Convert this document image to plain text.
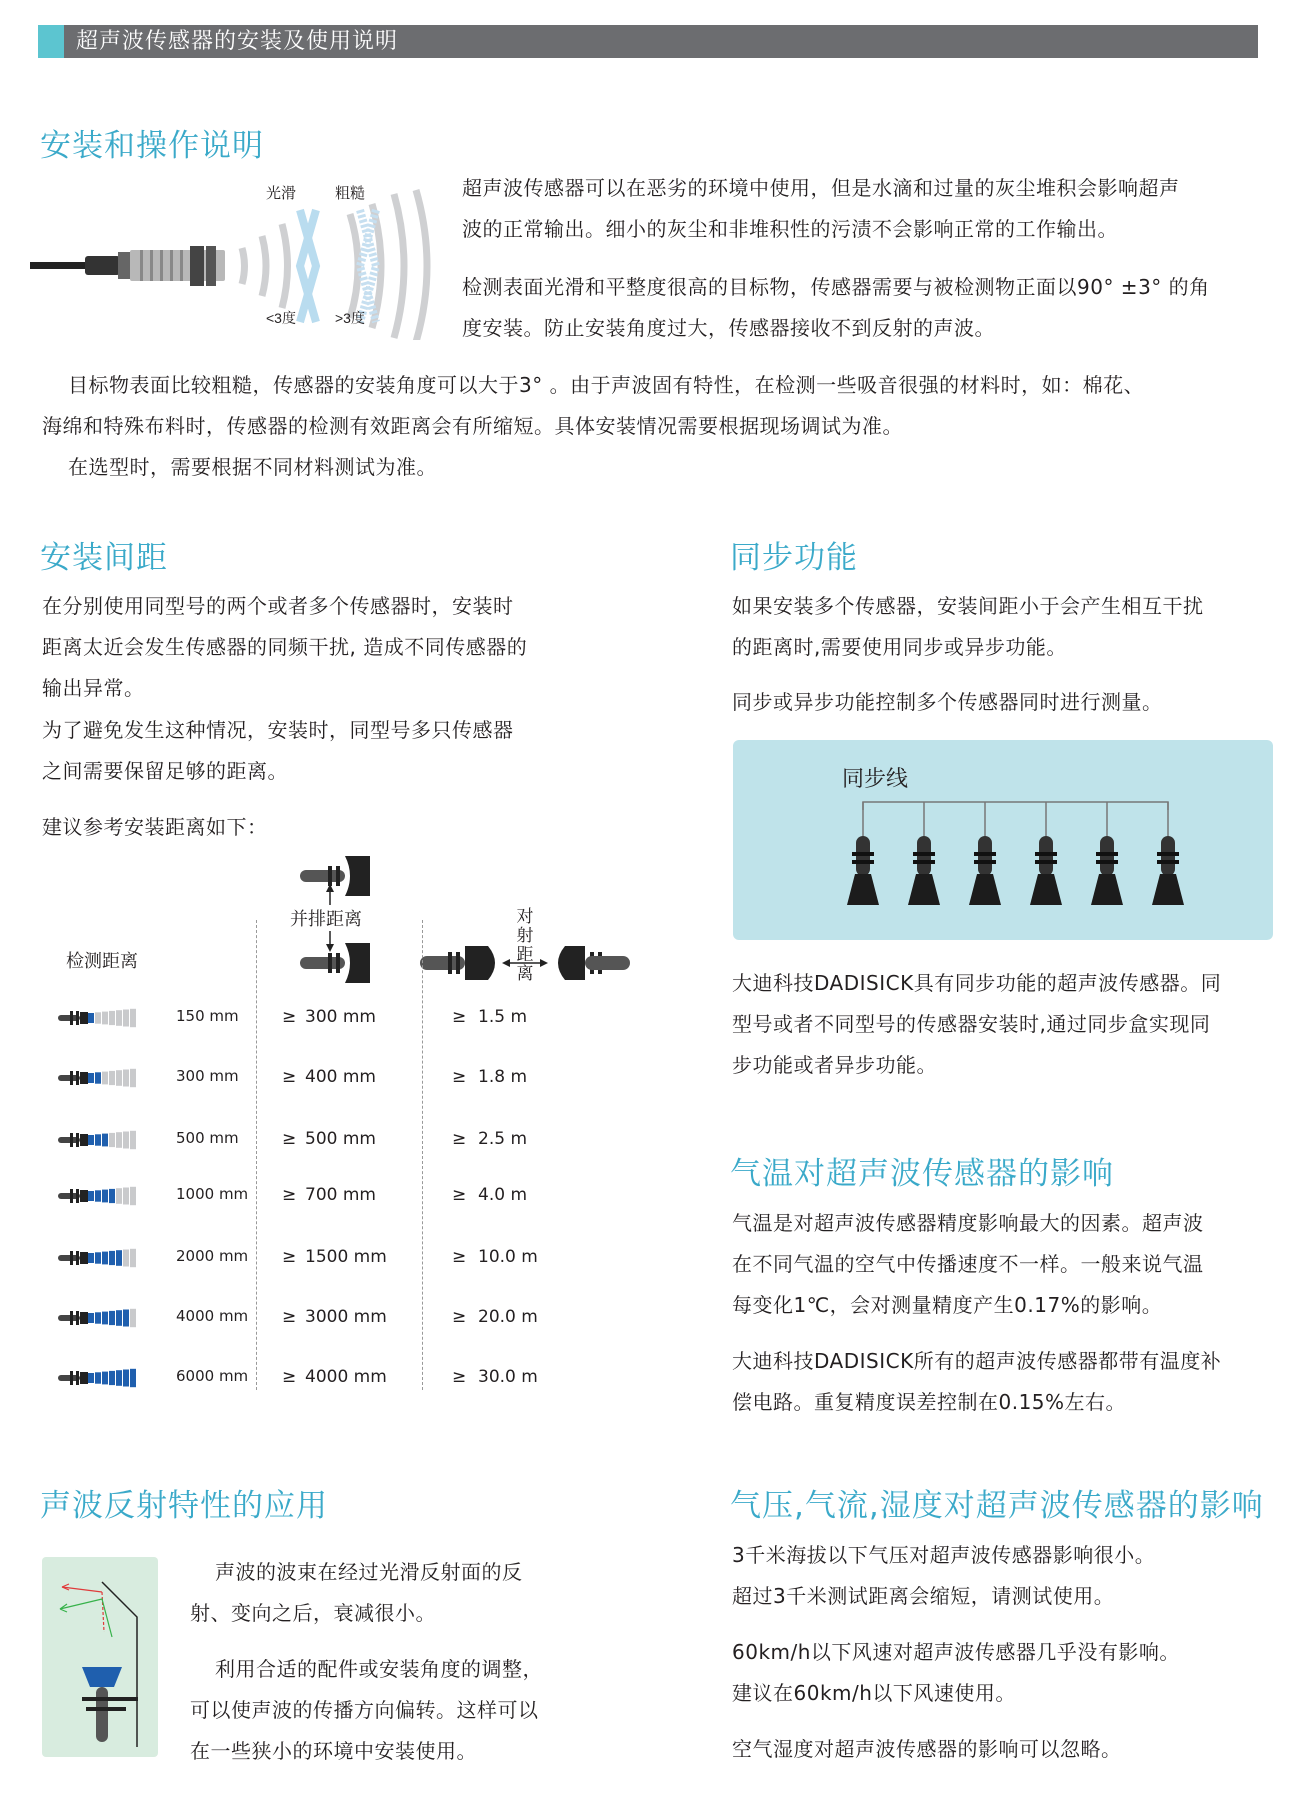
超声波传感器的安装及使用说明
安装和操作说明
光滑	粗糙
<3度	>3度
超声波传感器可以在恶劣的环境中使用，但是水滴和过量的灰尘堆积会影响超声
波的正常输出。细小的灰尘和非堆积性的污渍不会影响正常的工作输出。
检测表面光滑和平整度很高的目标物，传感器需要与被检测物正面以90° ±3° 的角
度安装。防止安装角度过大，传感器接收不到反射的声波。
目标物表面比较粗糙，传感器的安装角度可以大于3° 。由于声波固有特性，在检测一些吸音很强的材料时，如：棉花、
海绵和特殊布料时，传感器的检测有效距离会有所缩短。具体安装情况需要根据现场调试为准。
在选型时，需要根据不同材料测试为准。
安装间距
在分别使用同型号的两个或者多个传感器时，安装时
距离太近会发生传感器的同频干扰, 造成不同传感器的
输出异常。
为了避免发生这种情况，安装时，同型号多只传感器
之间需要保留足够的距离。
建议参考安装距离如下：
并排距离	对
射
距
离
检测距离
150 mm	≥ 300 mm	≥ 1.5 m
300 mm	≥ 400 mm	≥ 1.8 m
500 mm	≥ 500 mm	≥ 2.5 m
1000 mm ≥ 700 mm	≥ 4.0 m
2000 mm ≥ 1500 mm	≥ 10.0 m
4000 mm ≥ 3000 mm	≥ 20.0 m
6000 mm ≥ 4000 mm	≥ 30.0 m
同步功能
如果安装多个传感器，安装间距小于会产生相互干扰
的距离时,需要使用同步或异步功能。
同步或异步功能控制多个传感器同时进行测量。
同步线
大迪科技DADISICK具有同步功能的超声波传感器。同
型号或者不同型号的传感器安装时,通过同步盒实现同
步功能或者异步功能。
气温对超声波传感器的影响
气温是对超声波传感器精度影响最大的因素。超声波
在不同气温的空气中传播速度不一样。一般来说气温
每变化1℃，会对测量精度产生0.17%的影响。
大迪科技DADISICK所有的超声波传感器都带有温度补
偿电路。重复精度误差控制在0.15%左右。
声波反射特性的应用
声波的波束在经过光滑反射面的反
射、变向之后，衰减很小。
利用合适的配件或安装角度的调整，
可以使声波的传播方向偏转。这样可以
在一些狭小的环境中安装使用。
气压,气流,湿度对超声波传感器的影响
3千米海拔以下气压对超声波传感器影响很小。
超过3千米测试距离会缩短，请测试使用。
60km/h以下风速对超声波传感器几乎没有影响。
建议在60km/h以下风速使用。
空气湿度对超声波传感器的影响可以忽略。
